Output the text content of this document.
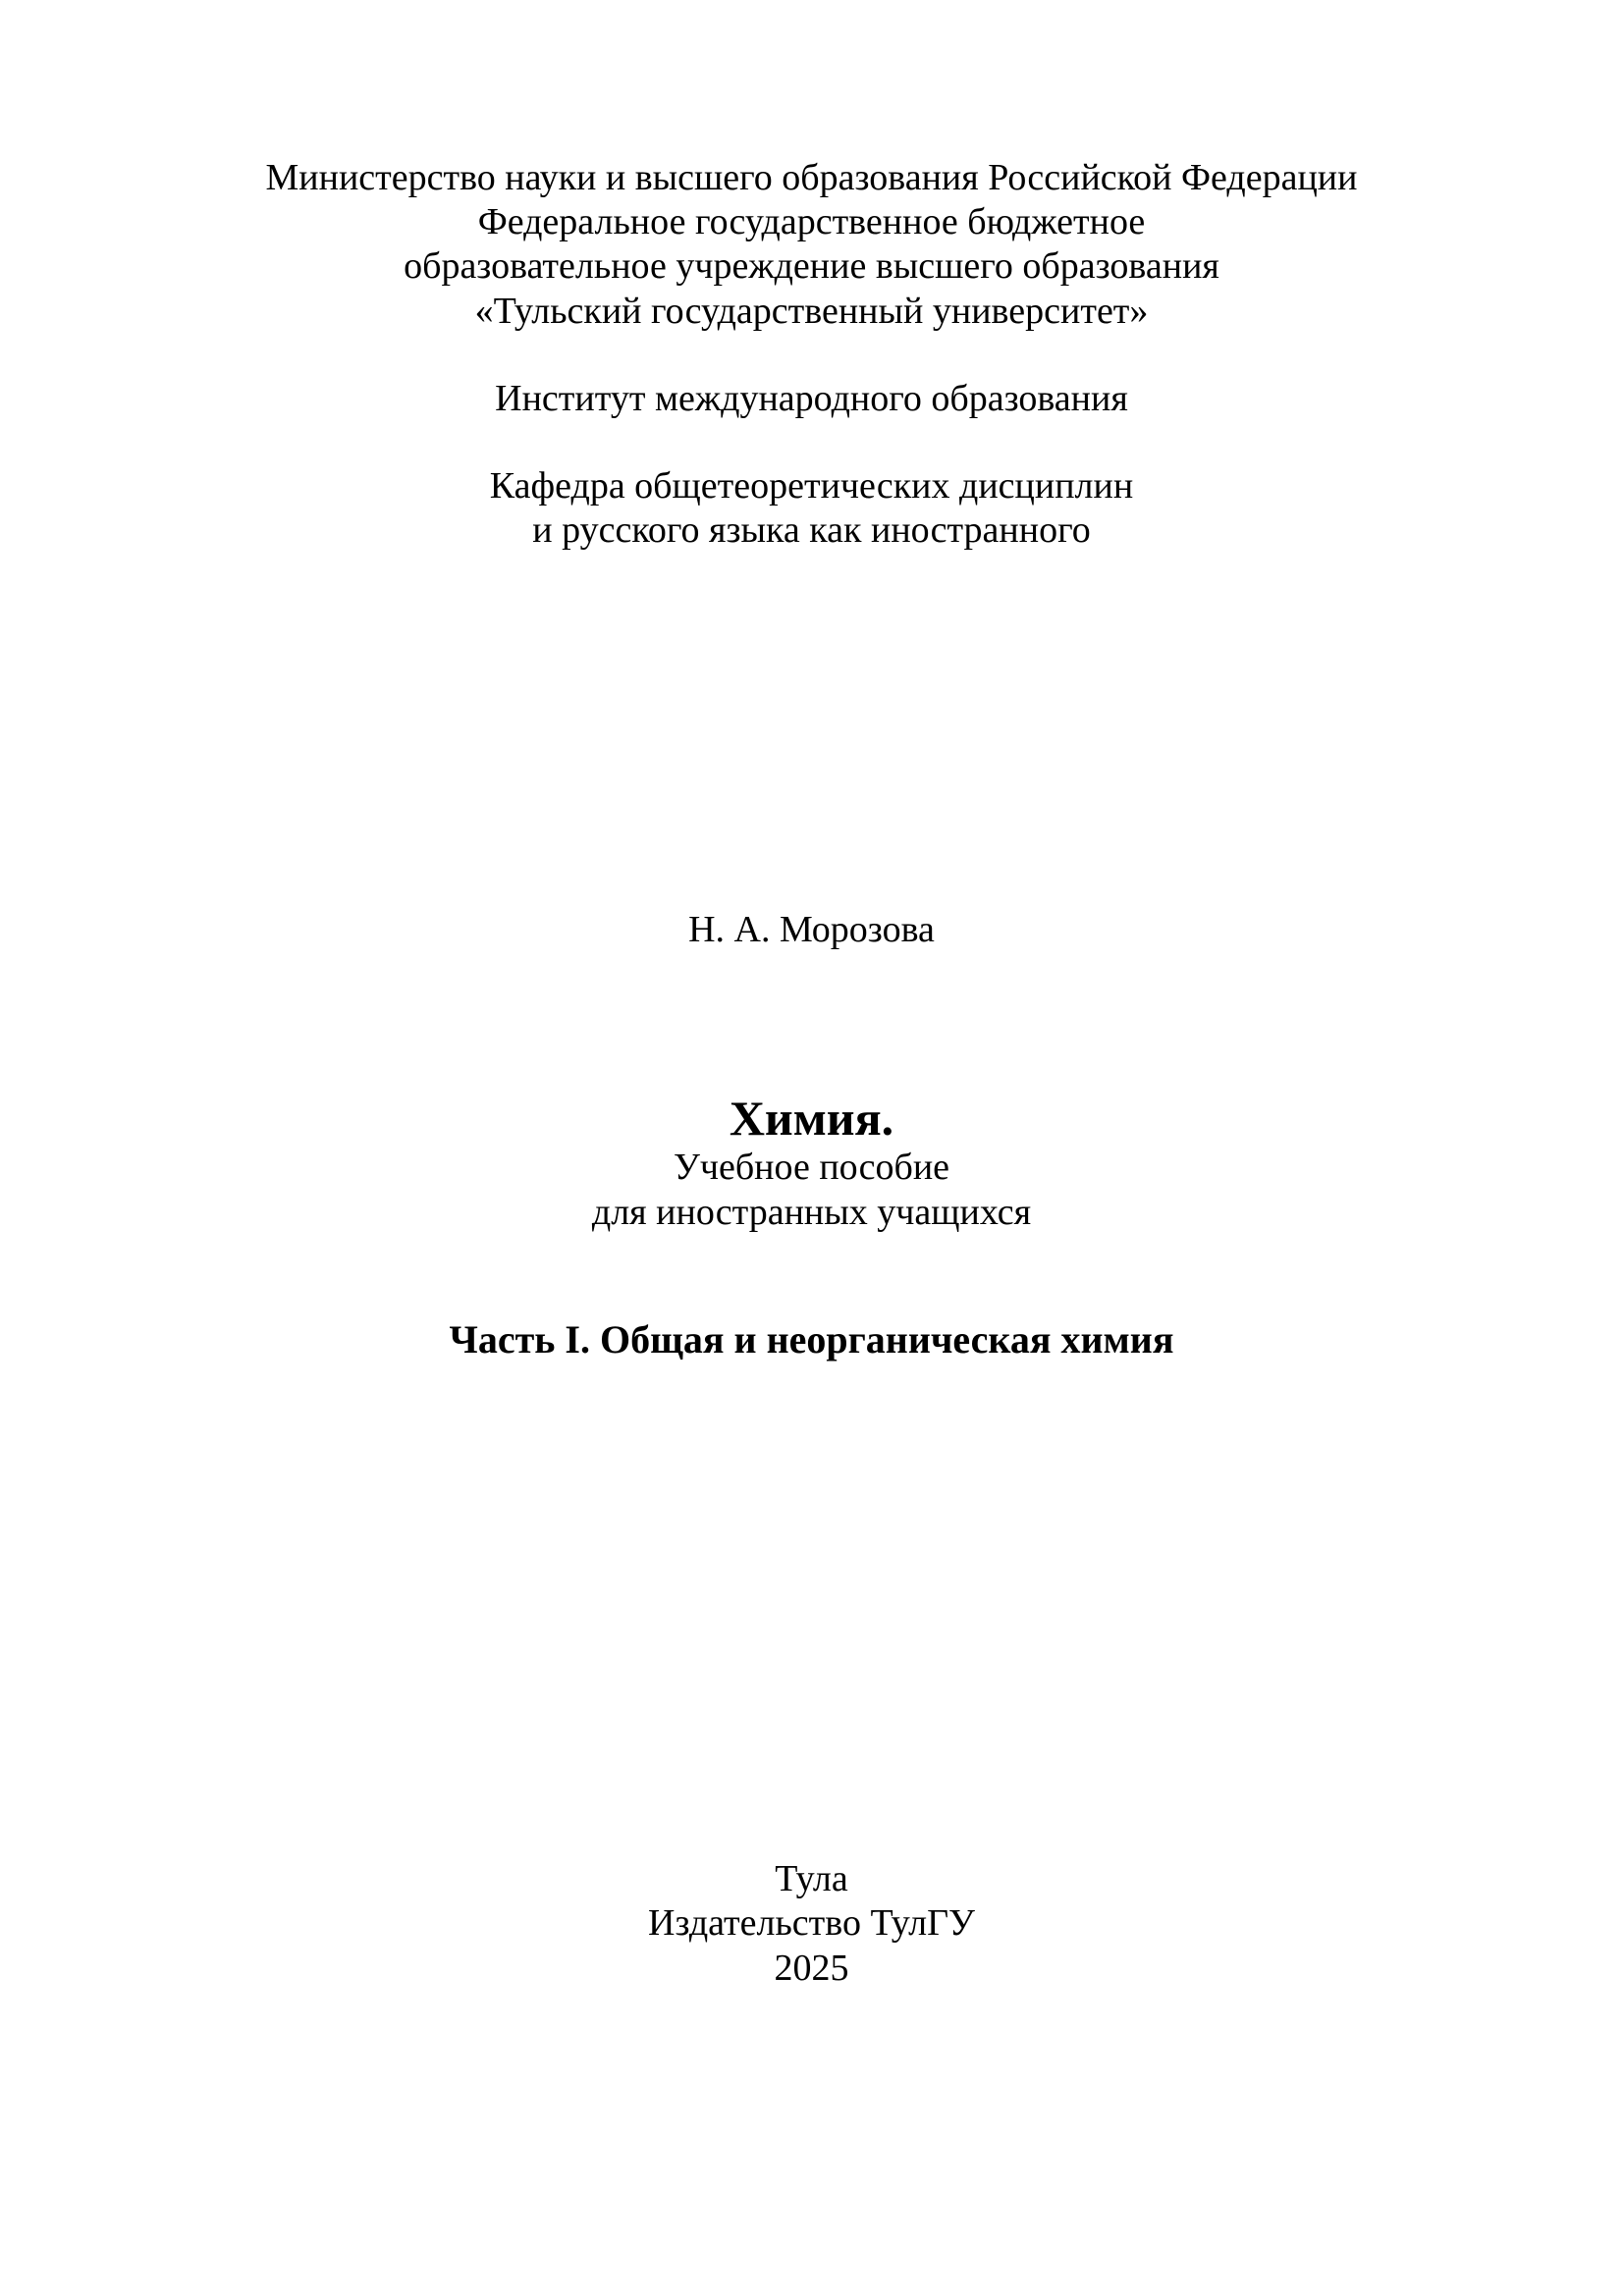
Министерство науки и высшего образования Российской Федерации
Федеральное государственное бюджетное
образовательное учреждение высшего образования
«Тульский государственный университет»
Институт международного образования
Кафедра общетеоретических дисциплин
и русского языка как иностранного
Н. А. Морозова
Химия.
Учебное пособие
для иностранных учащихся
Часть I. Общая и неорганическая химия
Тула
Издательство ТулГУ
2025
